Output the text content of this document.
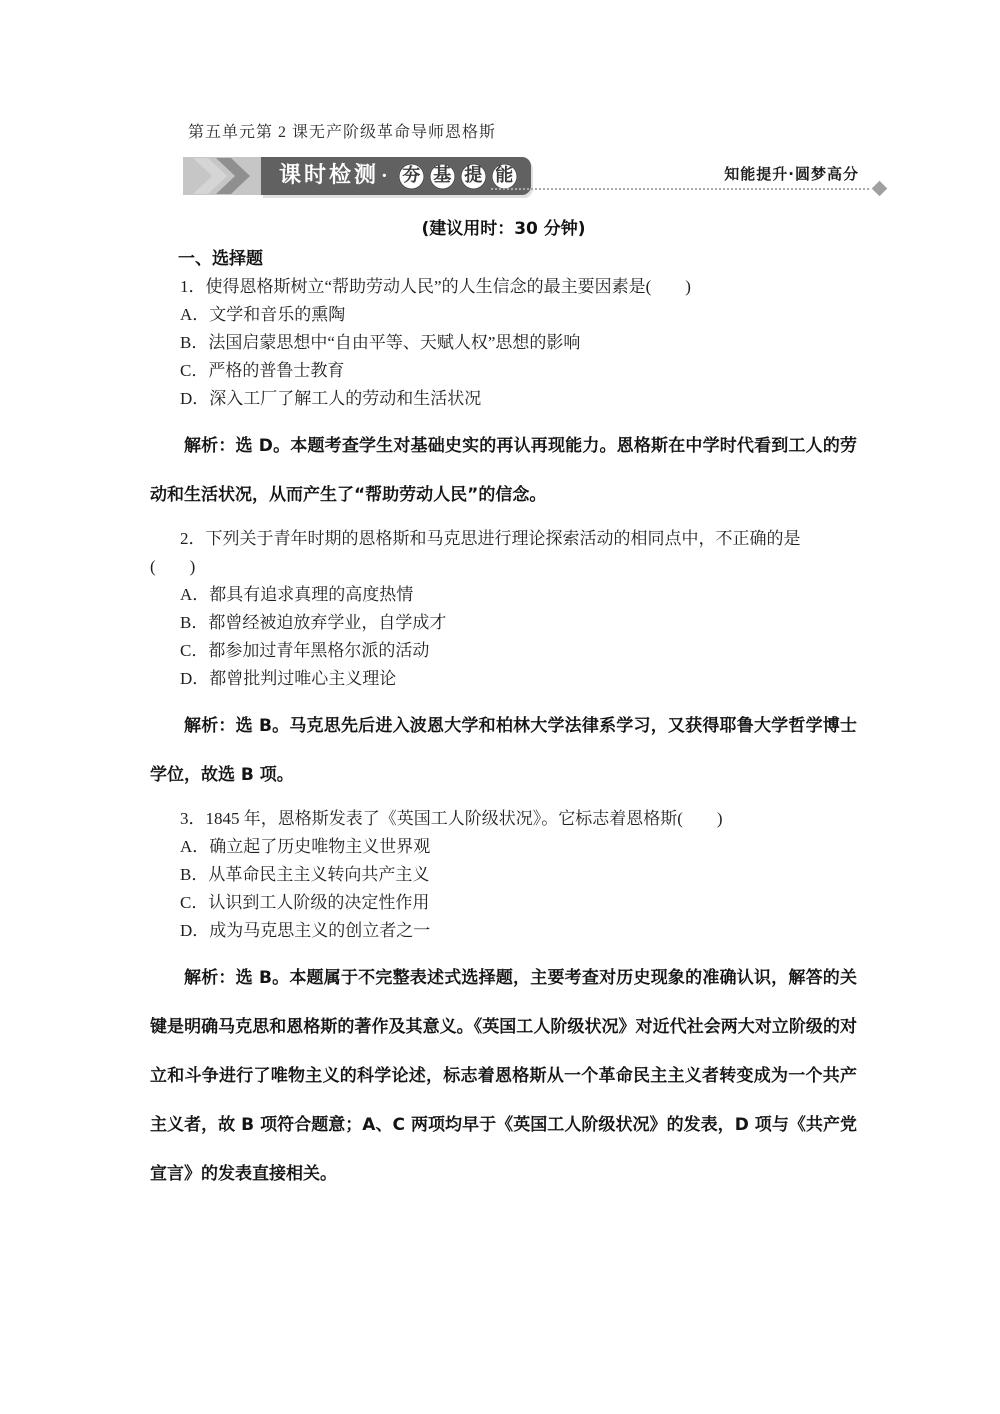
第五单元第 2 课无产阶级革命导师恩格斯
课时检测 · 夯 基 提 能	知能提升·圆梦高分

(建议用时：30 分钟)

一、选择题

1．使得恩格斯树立“帮助劳动人民”的人生信念的最主要因素是(　　)
A．文学和音乐的熏陶
B．法国启蒙思想中“自由平等、天赋人权”思想的影响
C．严格的普鲁士教育
D．深入工厂了解工人的劳动和生活状况

解析：选 D。本题考查学生对基础史实的再认再现能力。恩格斯在中学时代看到工人的劳动和生活状况，从而产生了“帮助劳动人民”的信念。

2．下列关于青年时期的恩格斯和马克思进行理论探索活动的相同点中，不正确的是
(　　)
A．都具有追求真理的高度热情
B．都曾经被迫放弃学业，自学成才
C．都参加过青年黑格尔派的活动
D．都曾批判过唯心主义理论

解析：选 B。马克思先后进入波恩大学和柏林大学法律系学习，又获得耶鲁大学哲学博士学位，故选 B 项。

3．1845 年，恩格斯发表了《英国工人阶级状况》。它标志着恩格斯(　　)
A．确立起了历史唯物主义世界观
B．从革命民主主义转向共产主义
C．认识到工人阶级的决定性作用
D．成为马克思主义的创立者之一

解析：选 B。本题属于不完整表述式选择题，主要考查对历史现象的准确认识，解答的关键是明确马克思和恩格斯的著作及其意义。《英国工人阶级状况》对近代社会两大对立阶级的对立和斗争进行了唯物主义的科学论述，标志着恩格斯从一个革命民主主义者转变成为一个共产主义者，故 B 项符合题意；A、C 两项均早于《英国工人阶级状况》的发表，D 项与《共产党宣言》的发表直接相关。
